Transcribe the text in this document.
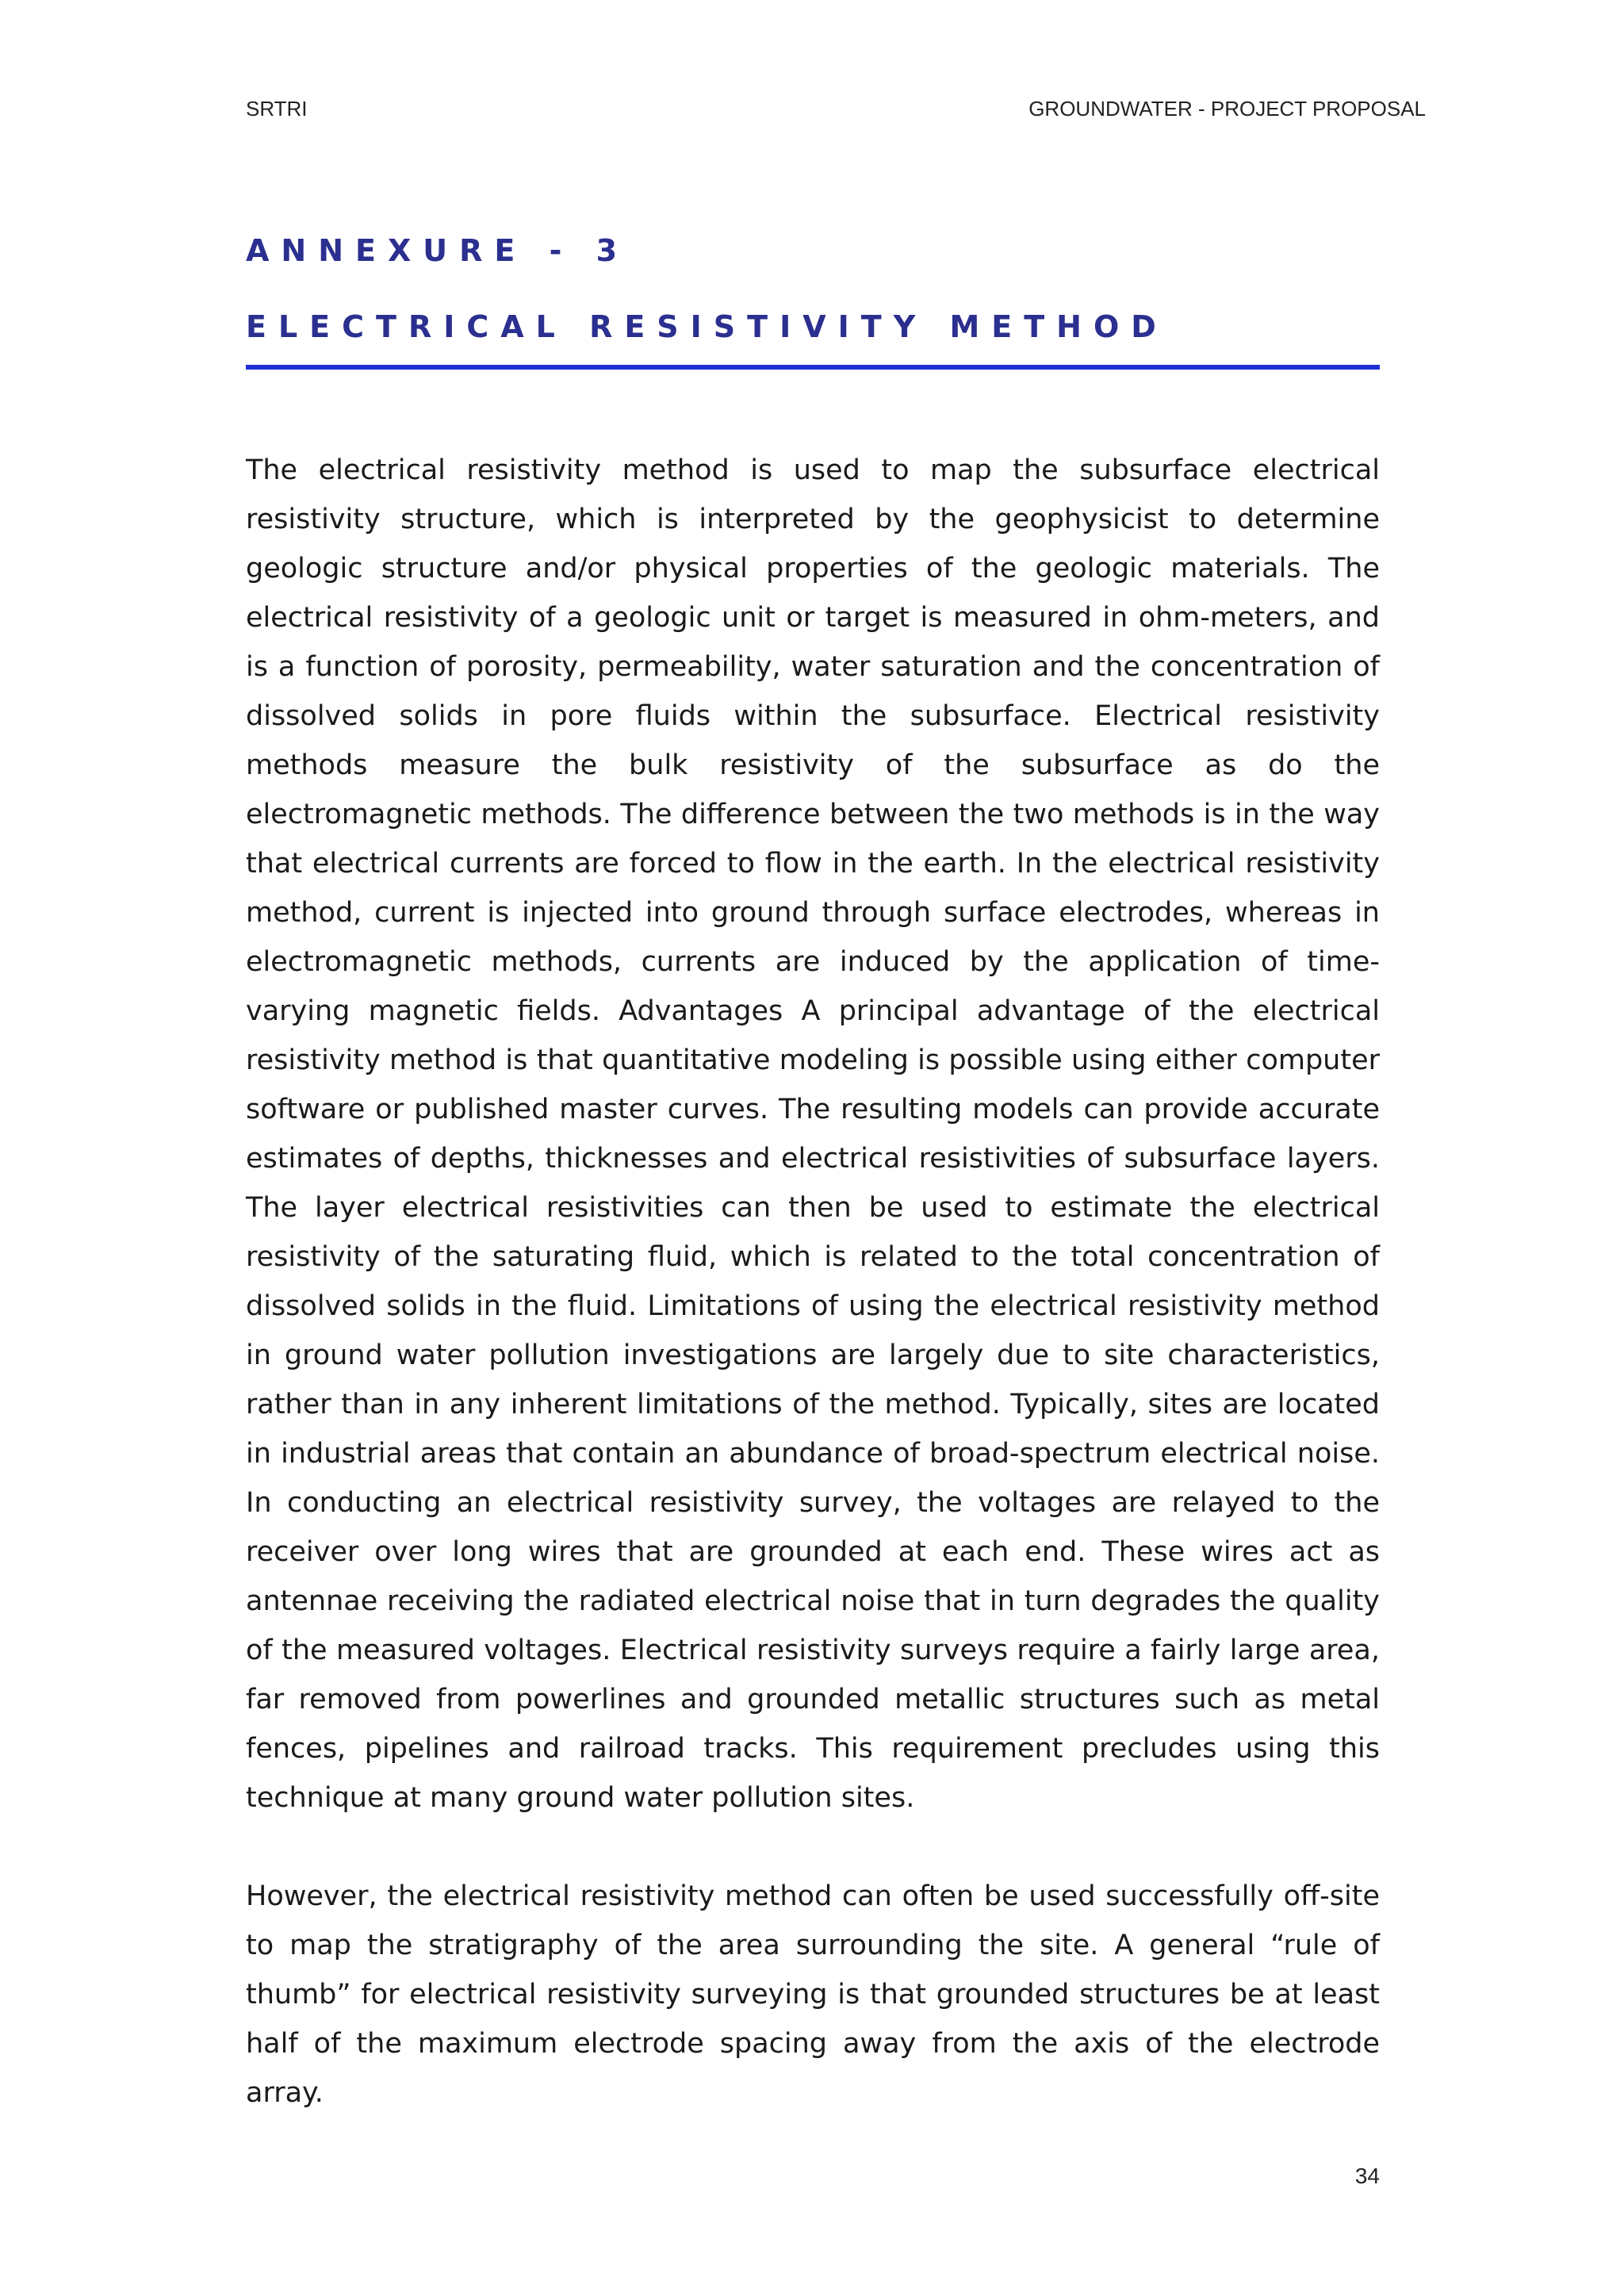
SRTRI	GROUNDWATER - PROJECT PROPOSAL
ANNEXURE - 3
ELECTRICAL RESISTIVITY METHOD

The electrical resistivity method is used to map the subsurface electrical resistivity structure, which is interpreted by the geophysicist to determine geologic structure and/or physical properties of the geologic materials. The electrical resistivity of a geologic unit or target is measured in ohm-meters, and is a function of porosity, permeability, water saturation and the concentration of dissolved solids in pore fluids within the subsurface. Electrical resistivity methods measure the bulk resistivity of the subsurface as do the electromagnetic methods. The difference between the two methods is in the way that electrical currents are forced to flow in the earth. In the electrical resistivity method, current is injected into ground through surface electrodes, whereas in electromagnetic methods, currents are induced by the application of time-varying magnetic fields. Advantages A principal advantage of the electrical resistivity method is that quantitative modeling is possible using either computer software or published master curves. The resulting models can provide accurate estimates of depths, thicknesses and electrical resistivities of subsurface layers. The layer electrical resistivities can then be used to estimate the electrical resistivity of the saturating fluid, which is related to the total concentration of dissolved solids in the fluid. Limitations of using the electrical resistivity method in ground water pollution investigations are largely due to site characteristics, rather than in any inherent limitations of the method. Typically, sites are located in industrial areas that contain an abundance of broad-spectrum electrical noise. In conducting an electrical resistivity survey, the voltages are relayed to the receiver over long wires that are grounded at each end. These wires act as antennae receiving the radiated electrical noise that in turn degrades the quality of the measured voltages. Electrical resistivity surveys require a fairly large area, far removed from powerlines and grounded metallic structures such as metal fences, pipelines and railroad tracks. This requirement precludes using this technique at many ground water pollution sites.

However, the electrical resistivity method can often be used successfully off-site to map the stratigraphy of the area surrounding the site. A general “rule of thumb” for electrical resistivity surveying is that grounded structures be at least half of the maximum electrode spacing away from the axis of the electrode array.

34
